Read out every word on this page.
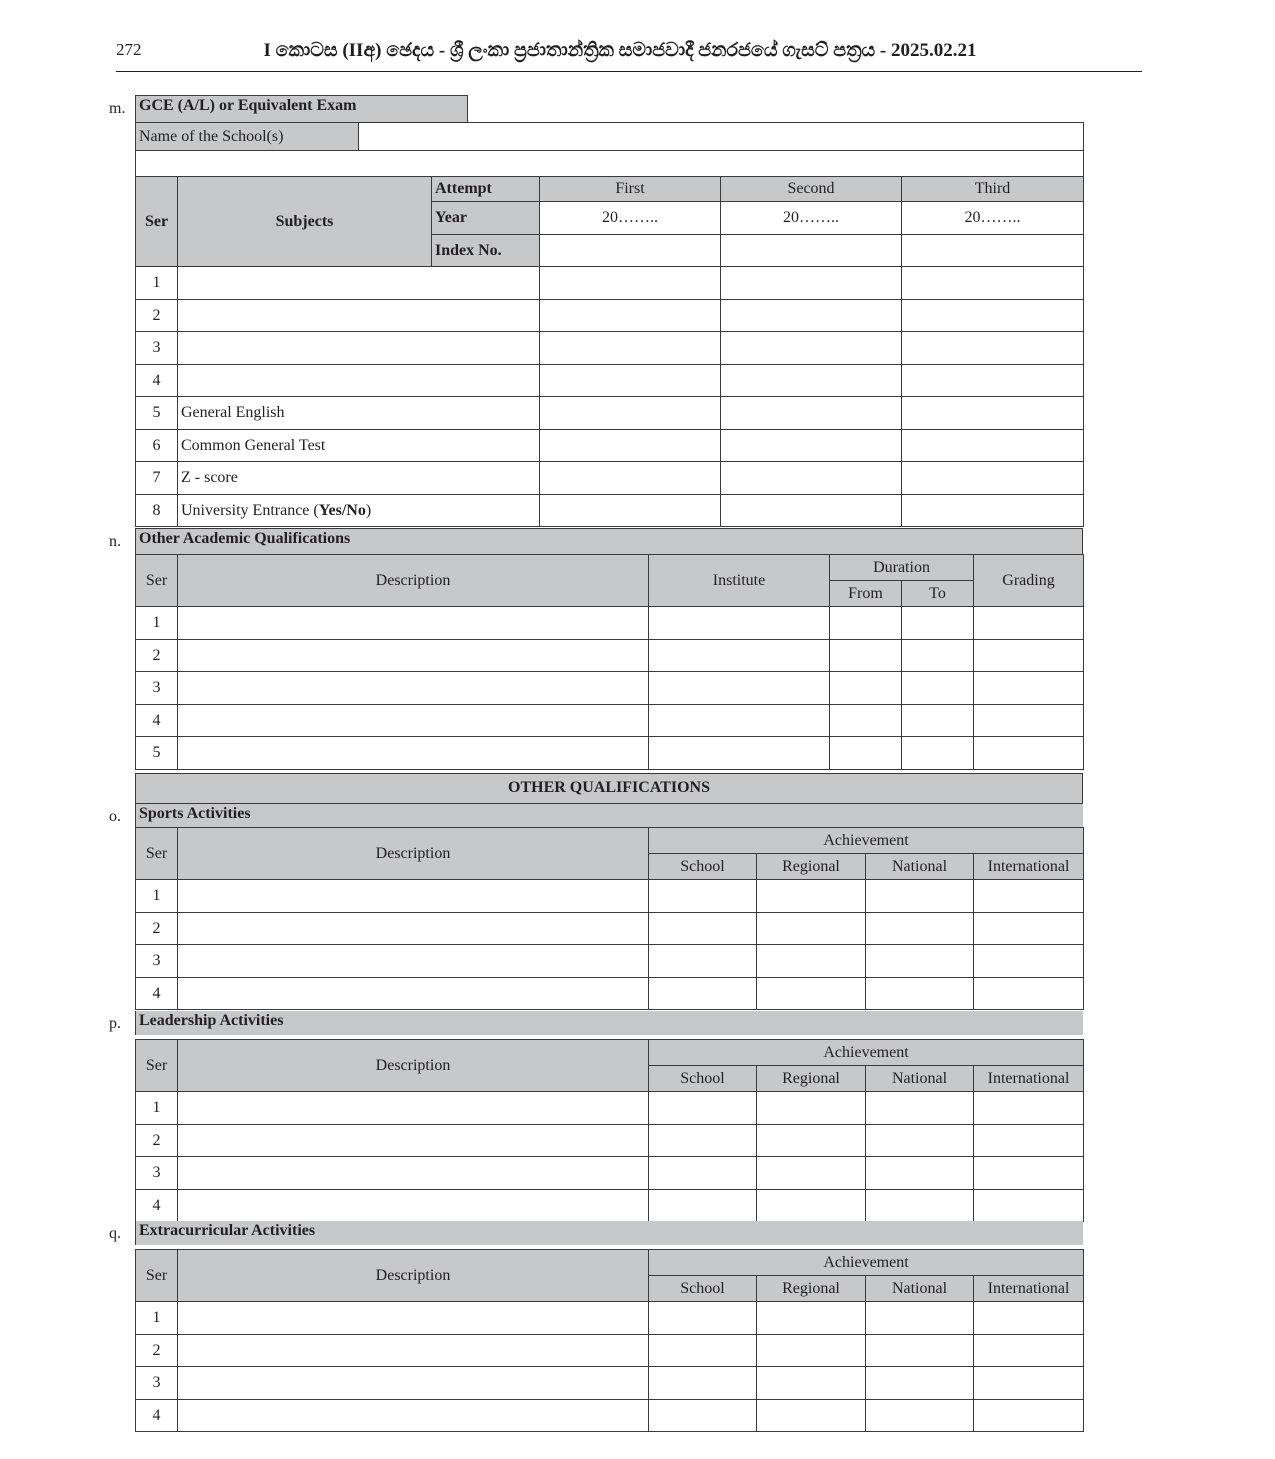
272	I කොටස (IIඅ) ඡෙදය - ශ්‍රී ලංකා ප්‍රජාතාන්ත්‍රික සමාජවාදී ජනරජයේ ගැසට් පත්‍රය - 2025.02.21
m. GCE (A/L) or Equivalent Exam
Name of the School(s)	

Ser	Subjects	Attempt	First	Second	Third
		Year	20……..	20……..	20……..
		Index No.			
1					
2					
3					
4					
5	General English				
6	Common General Test				
7	Z - score				
8	University Entrance (Yes/No)				
n. Other Academic Qualifications
Ser	Description	Institute	Duration		Grading
			From	To	
1					
2					
3					
4					
5					
OTHER QUALIFICATIONS
o. Sports Activities
Ser	Description	Achievement			
		School	Regional	National	International
1					
2					
3					
4					
p. Leadership Activities
Ser	Description	Achievement			
		School	Regional	National	International
1					
2					
3					
4					
q. Extracurricular Activities
Ser	Description	Achievement			
		School	Regional	National	International
1					
2					
3					
4					
